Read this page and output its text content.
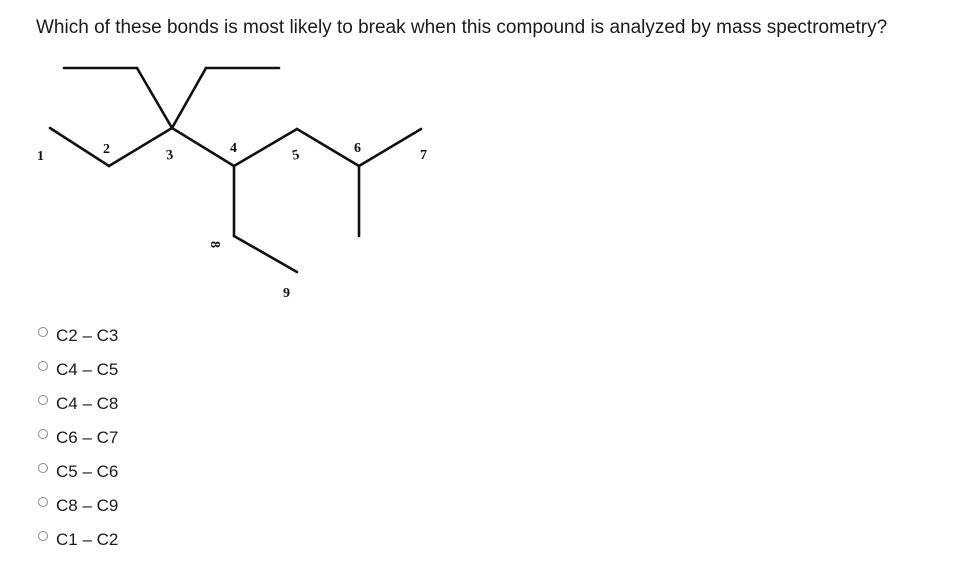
Which of these bonds is most likely to break when this compound is analyzed by mass spectrometry?
1	2	3	4	5	6	7
8
9
C2 – C3
C4 – C5
C4 – C8
C6 – C7
C5 – C6
C8 – C9
C1 – C2
